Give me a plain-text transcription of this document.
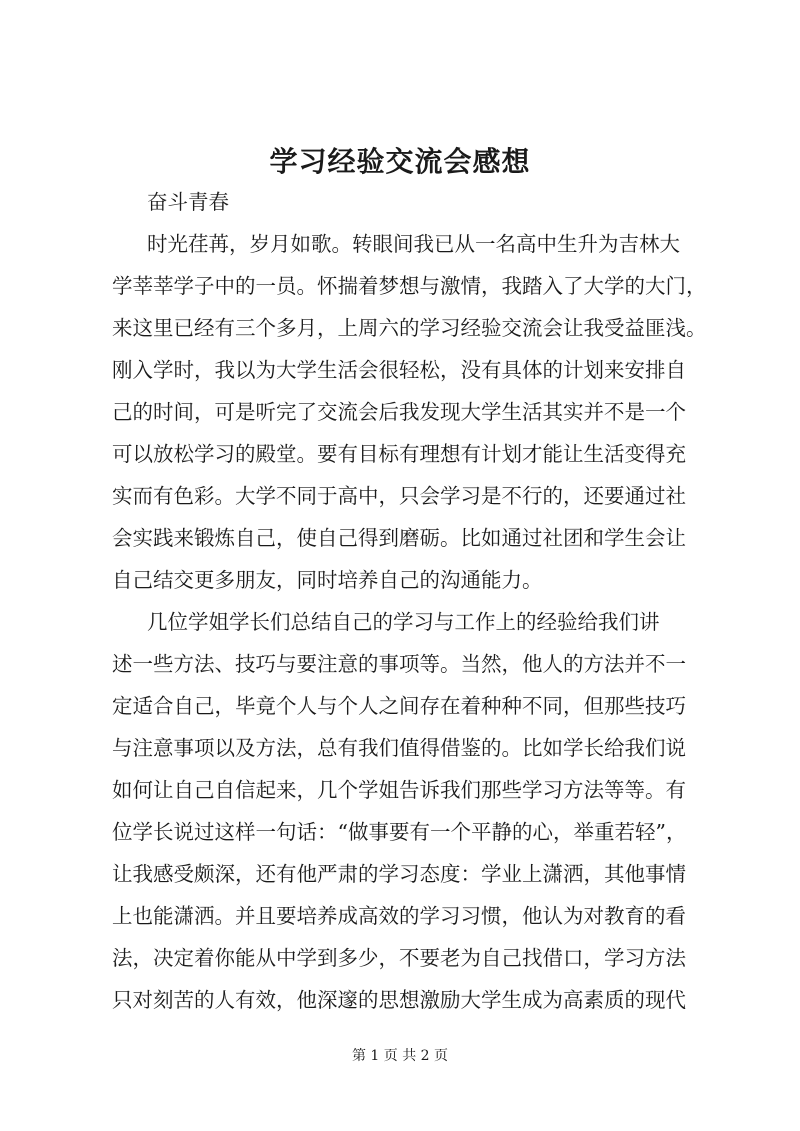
学习经验交流会感想

奋斗青春

时光荏苒，岁月如歌。转眼间我已从一名高中生升为吉林大

学莘莘学子中的一员。怀揣着梦想与激情，我踏入了大学的大门，

来这里已经有三个多月，上周六的学习经验交流会让我受益匪浅。

刚入学时，我以为大学生活会很轻松，没有具体的计划来安排自

己的时间，可是听完了交流会后我发现大学生活其实并不是一个

可以放松学习的殿堂。要有目标有理想有计划才能让生活变得充

实而有色彩。大学不同于高中，只会学习是不行的，还要通过社

会实践来锻炼自己，使自己得到磨砺。比如通过社团和学生会让

自己结交更多朋友，同时培养自己的沟通能力。

几位学姐学长们总结自己的学习与工作上的经验给我们讲

述一些方法、技巧与要注意的事项等。当然，他人的方法并不一

定适合自己，毕竟个人与个人之间存在着种种不同，但那些技巧

与注意事项以及方法，总有我们值得借鉴的。比如学长给我们说

如何让自己自信起来，几个学姐告诉我们那些学习方法等等。有

位学长说过这样一句话：“做事要有一个平静的心，举重若轻”，

让我感受颇深，还有他严肃的学习态度：学业上潇洒，其他事情

上也能潇洒。并且要培养成高效的学习习惯，他认为对教育的看

法，决定着你能从中学到多少，不要老为自己找借口，学习方法

只对刻苦的人有效，他深邃的思想激励大学生成为高素质的现代

第 1 页 共 2 页
